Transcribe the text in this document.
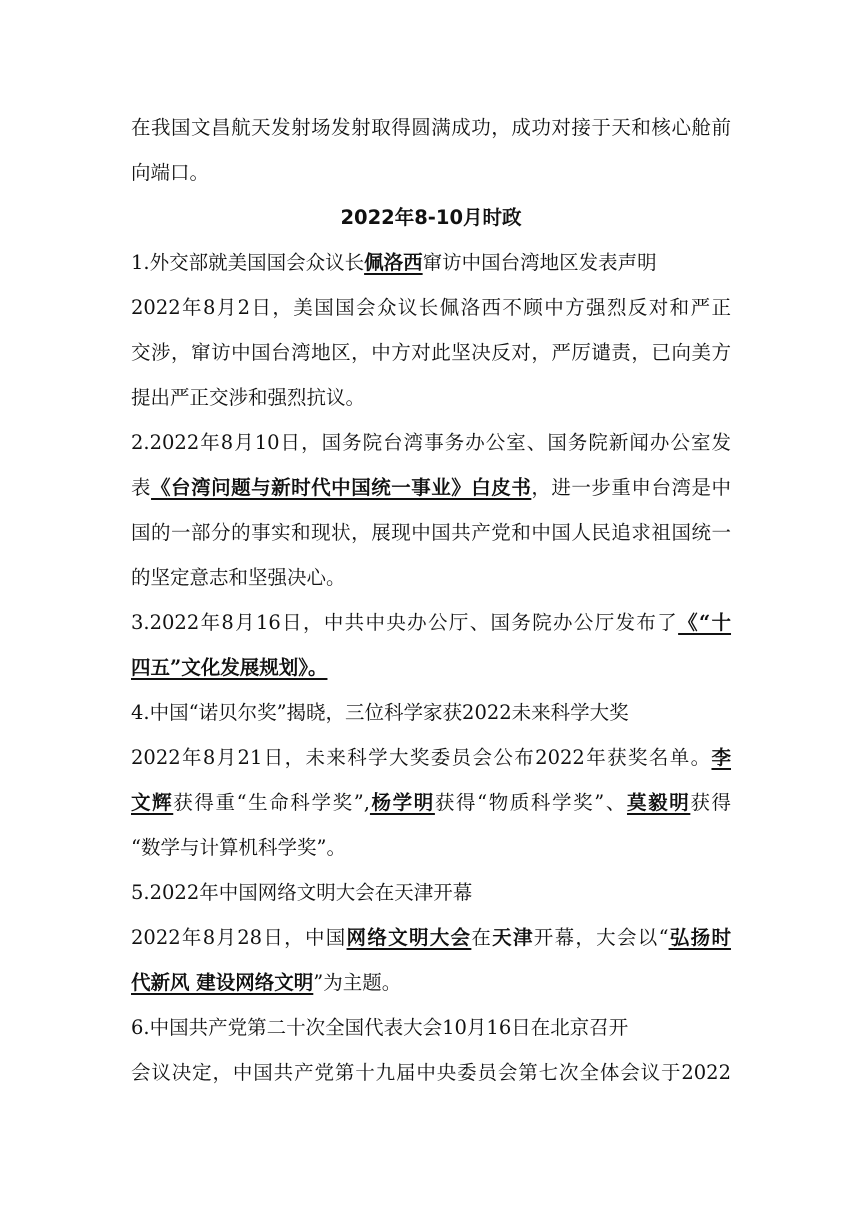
在我国文昌航天发射场发射取得圆满成功，成功对接于天和核心舱前
向端口。
2022年8-10月时政
1.外交部就美国国会众议长佩洛西窜访中国台湾地区发表声明
2022年8月2日，美国国会众议长佩洛西不顾中方强烈反对和严正
交涉，窜访中国台湾地区，中方对此坚决反对，严厉谴责，已向美方
提出严正交涉和强烈抗议。
2.2022年8月10日，国务院台湾事务办公室、国务院新闻办公室发
表《台湾问题与新时代中国统一事业》白皮书，进一步重申台湾是中
国的一部分的事实和现状，展现中国共产党和中国人民追求祖国统一
的坚定意志和坚强决心。
3.2022年8月16日，中共中央办公厅、国务院办公厅发布了《“十
四五”文化发展规划》。
4.中国“诺贝尔奖”揭晓，三位科学家获2022未来科学大奖
2022年8月21日，未来科学大奖委员会公布2022年获奖名单。李
文辉获得重“生命科学奖”,杨学明获得“物质科学奖”、莫毅明获得
“数学与计算机科学奖”。
5.2022年中国网络文明大会在天津开幕
2022年8月28日，中国网络文明大会在天津开幕，大会以“弘扬时
代新风 建设网络文明”为主题。
6.中国共产党第二十次全国代表大会10月16日在北京召开
会议决定，中国共产党第十九届中央委员会第七次全体会议于2022
